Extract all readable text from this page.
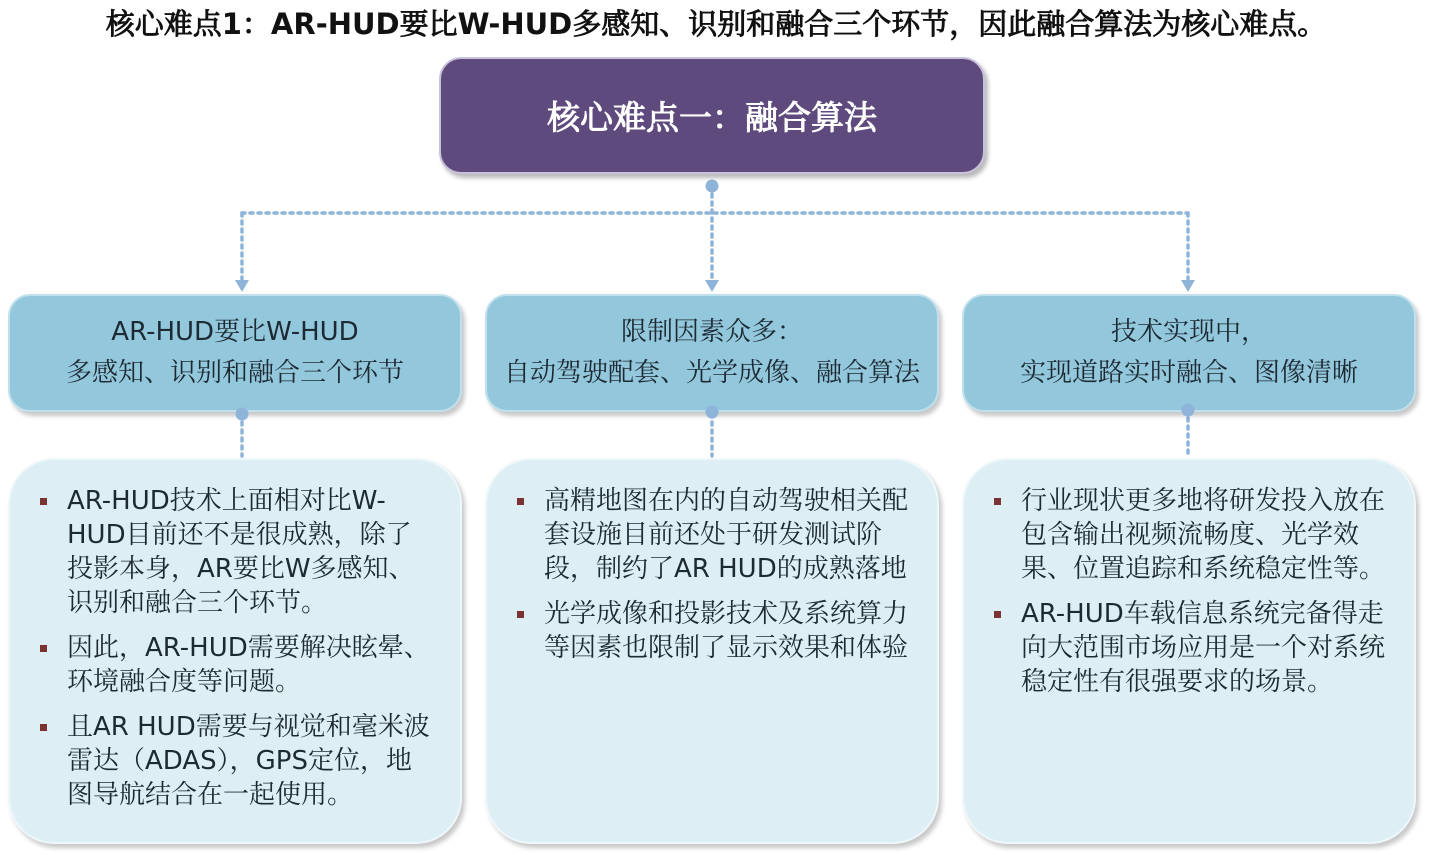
核心难点1：AR-HUD要比W-HUD多感知、识别和融合三个环节，因此融合算法为核心难点。
核心难点一：融合算法
AR-HUD要比W-HUD
多感知、识别和融合三个环节
限制因素众多：
自动驾驶配套、光学成像、融合算法
技术实现中，
实现道路实时融合、图像清晰
AR-HUD技术上面相对比W-HUD目前还不是很成熟，除了投影本身，AR要比W多感知、识别和融合三个环节。
因此，AR-HUD需要解决眩晕、环境融合度等问题。
且AR HUD需要与视觉和毫米波雷达（ADAS），GPS定位，地图导航结合在一起使用。
高精地图在内的自动驾驶相关配套设施目前还处于研发测试阶段，制约了AR HUD的成熟落地
光学成像和投影技术及系统算力等因素也限制了显示效果和体验
行业现状更多地将研发投入放在包含输出视频流畅度、光学效果、位置追踪和系统稳定性等。
AR-HUD车载信息系统完备得走向大范围市场应用是一个对系统稳定性有很强要求的场景。
